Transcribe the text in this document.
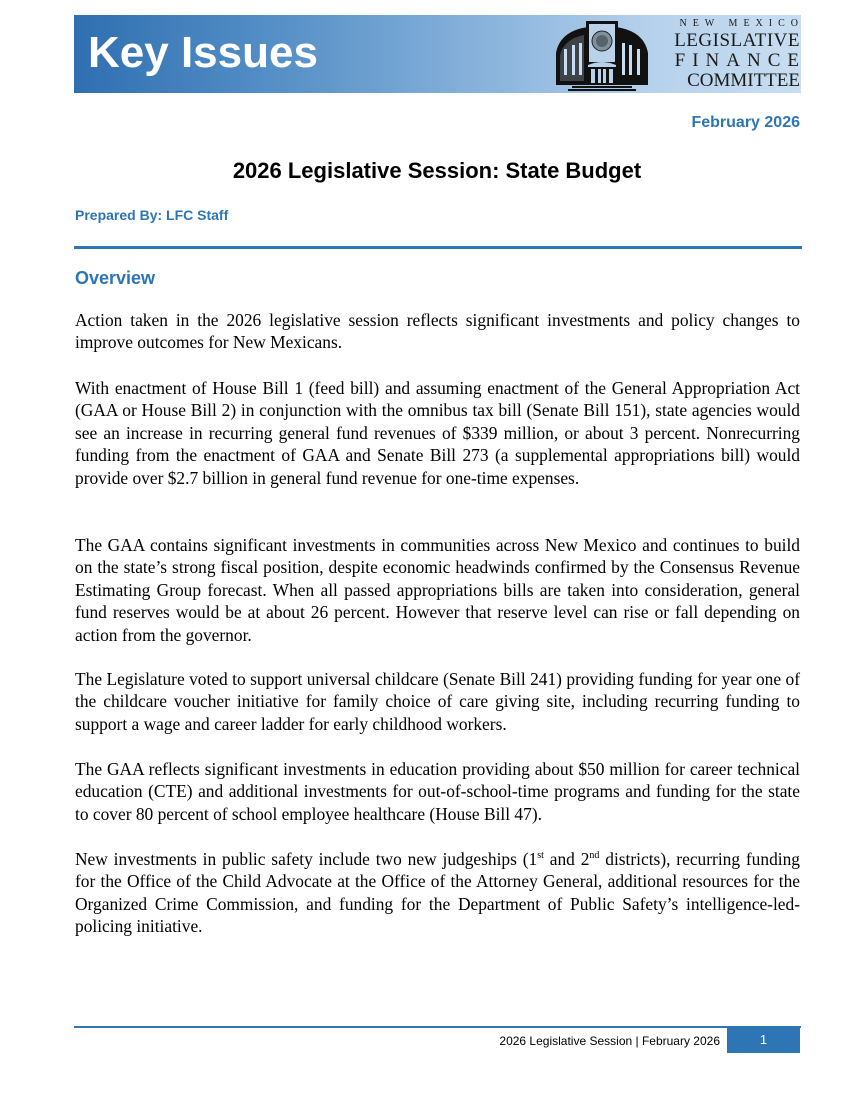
Key Issues
NEW MEXICO
LEGISLATIVE
FINANCE
COMMITTEE
February 2026
2026 Legislative Session: State Budget
Prepared By: LFC Staff
Overview

Action taken in the 2026 legislative session reflects significant investments and policy changes to improve outcomes for New Mexicans.

With enactment of House Bill 1 (feed bill) and assuming enactment of the General Appropriation Act (GAA or House Bill 2) in conjunction with the omnibus tax bill (Senate Bill 151), state agencies would see an increase in recurring general fund revenues of $339 million, or about 3 percent. Nonrecurring funding from the enactment of GAA and Senate Bill 273 (a supplemental appropriations bill) would provide over $2.7 billion in general fund revenue for one-time expenses.

The GAA contains significant investments in communities across New Mexico and continues to build on the state’s strong fiscal position, despite economic headwinds confirmed by the Consensus Revenue Estimating Group forecast. When all passed appropriations bills are taken into consideration, general fund reserves would be at about 26 percent. However that reserve level can rise or fall depending on action from the governor.

The Legislature voted to support universal childcare (Senate Bill 241) providing funding for year one of the childcare voucher initiative for family choice of care giving site, including recurring funding to support a wage and career ladder for early childhood workers.

The GAA reflects significant investments in education providing about $50 million for career technical education (CTE) and additional investments for out-of-school-time programs and funding for the state to cover 80 percent of school employee healthcare (House Bill 47).

New investments in public safety include two new judgeships (1st and 2nd districts), recurring funding for the Office of the Child Advocate at the Office of the Attorney General, additional resources for the Organized Crime Commission, and funding for the Department of Public Safety’s intelligence-led-policing initiative.

2026 Legislative Session | February 2026	1
